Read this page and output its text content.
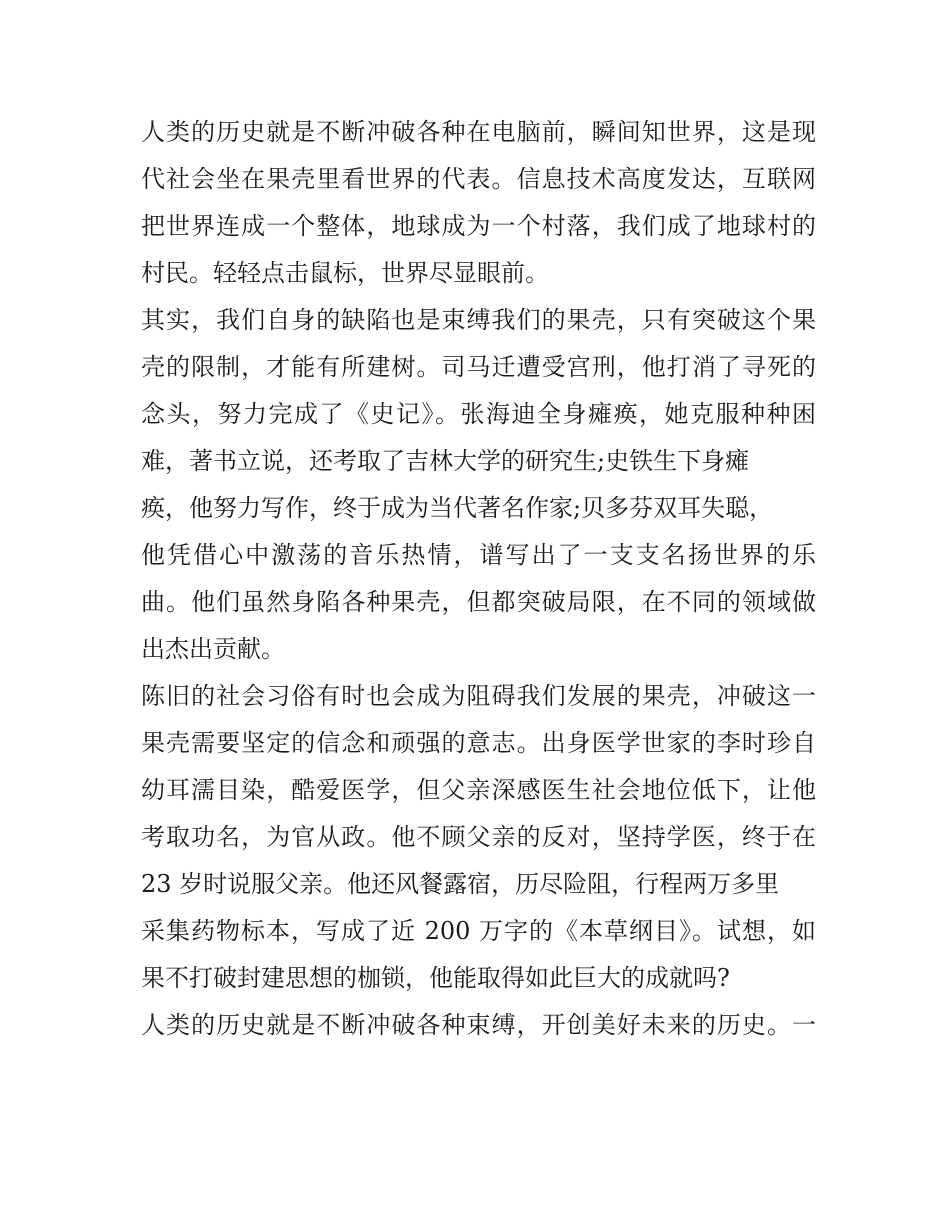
人类的历史就是不断冲破各种在电脑前，瞬间知世界，这是现
代社会坐在果壳里看世界的代表。信息技术高度发达，互联网
把世界连成一个整体，地球成为一个村落，我们成了地球村的
村民。轻轻点击鼠标，世界尽显眼前。
其实，我们自身的缺陷也是束缚我们的果壳，只有突破这个果
壳的限制，才能有所建树。司马迁遭受宫刑，他打消了寻死的
念头，努力完成了《史记》。张海迪全身瘫痪，她克服种种困
难，著书立说，还考取了吉林大学的研究生;史铁生下身瘫
痪，他努力写作，终于成为当代著名作家;贝多芬双耳失聪，
他凭借心中激荡的音乐热情，谱写出了一支支名扬世界的乐
曲。他们虽然身陷各种果壳，但都突破局限，在不同的领域做
出杰出贡献。
陈旧的社会习俗有时也会成为阻碍我们发展的果壳，冲破这一
果壳需要坚定的信念和顽强的意志。出身医学世家的李时珍自
幼耳濡目染，酷爱医学，但父亲深感医生社会地位低下，让他
考取功名，为官从政。他不顾父亲的反对，坚持学医，终于在
23 岁时说服父亲。他还风餐露宿，历尽险阻，行程两万多里
采集药物标本，写成了近 200 万字的《本草纲目》。试想，如
果不打破封建思想的枷锁，他能取得如此巨大的成就吗?
人类的历史就是不断冲破各种束缚，开创美好未来的历史。一
